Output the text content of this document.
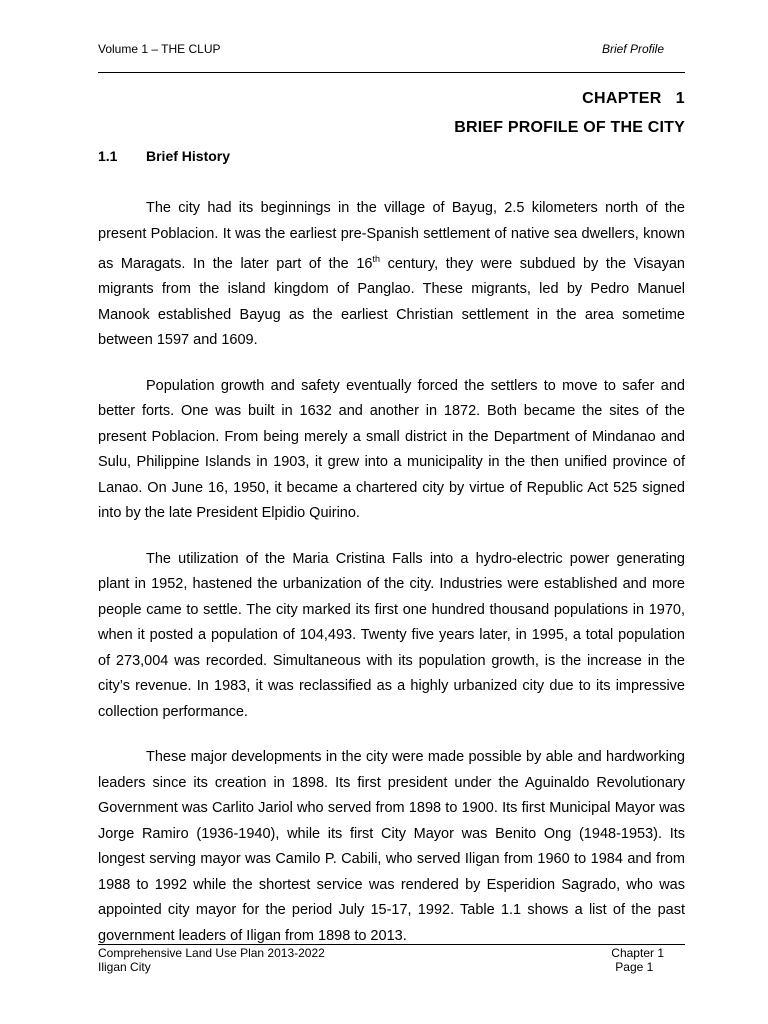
Volume 1 – THE CLUP	Brief Profile
CHAPTER   1
BRIEF PROFILE OF THE CITY
1.1 Brief History

The city had its beginnings in the village of Bayug, 2.5 kilometers north of the present Poblacion. It was the earliest pre-Spanish settlement of native sea dwellers, known as Maragats. In the later part of the 16th century, they were subdued by the Visayan migrants from the island kingdom of Panglao. These migrants, led by Pedro Manuel Manook established Bayug as the earliest Christian settlement in the area sometime between 1597 and 1609.

Population growth and safety eventually forced the settlers to move to safer and better forts. One was built in 1632 and another in 1872. Both became the sites of the present Poblacion. From being merely a small district in the Department of Mindanao and Sulu, Philippine Islands in 1903, it grew into a municipality in the then unified province of Lanao. On June 16, 1950, it became a chartered city by virtue of Republic Act 525 signed into by the late President Elpidio Quirino.

The utilization of the Maria Cristina Falls into a hydro-electric power generating plant in 1952, hastened the urbanization of the city. Industries were established and more people came to settle. The city marked its first one hundred thousand populations in 1970, when it posted a population of 104,493. Twenty five years later, in 1995, a total population of 273,004 was recorded. Simultaneous with its population growth, is the increase in the city’s revenue. In 1983, it was reclassified as a highly urbanized city due to its impressive collection performance.

These major developments in the city were made possible by able and hardworking leaders since its creation in 1898. Its first president under the Aguinaldo Revolutionary Government was Carlito Jariol who served from 1898 to 1900. Its first Municipal Mayor was Jorge Ramiro (1936-1940), while its first City Mayor was Benito Ong (1948-1953). Its longest serving mayor was Camilo P. Cabili, who served Iligan from 1960 to 1984 and from 1988 to 1992 while the shortest service was rendered by Esperidion Sagrado, who was appointed city mayor for the period July 15-17, 1992. Table 1.1 shows a list of the past government leaders of Iligan from 1898 to 2013.

Comprehensive Land Use Plan 2013-2022
Iligan City
Chapter 1
Page 1
